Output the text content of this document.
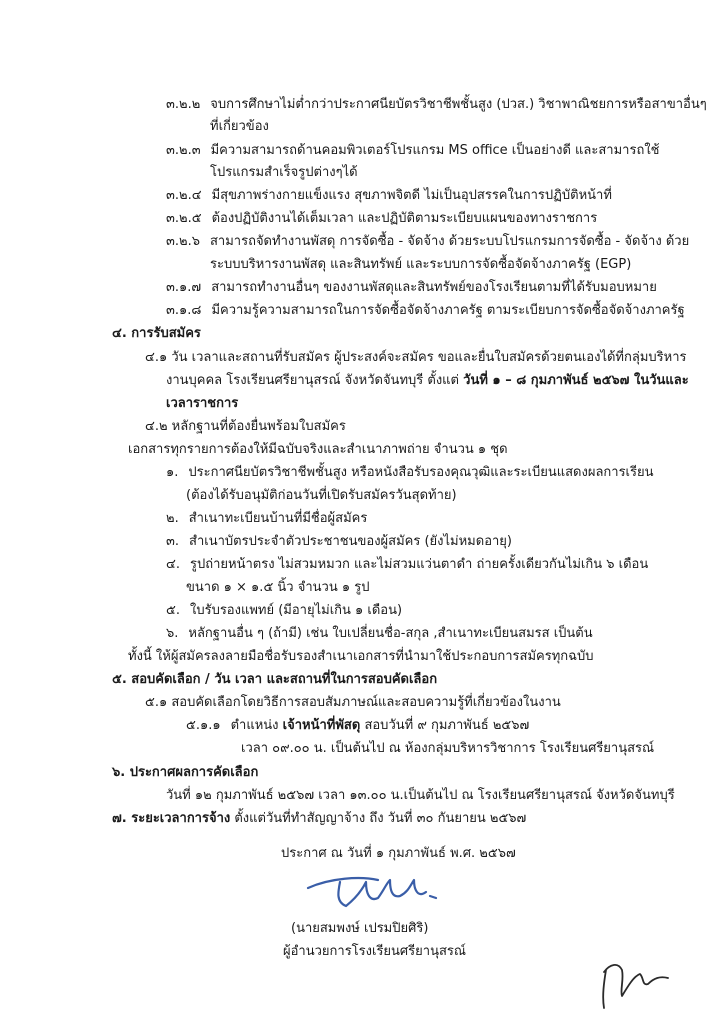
๓.๒.๒ จบการศึกษาไม่ต่ำกว่าประกาศนียบัตรวิชาชีพชั้นสูง (ปวส.) วิชาพาณิชยการหรือสาขาอื่นๆ
ที่เกี่ยวข้อง
๓.๒.๓ มีความสามารถด้านคอมพิวเตอร์โปรแกรม MS office เป็นอย่างดี และสามารถใช้
โปรแกรมสำเร็จรูปต่างๆได้
๓.๒.๔ มีสุขภาพร่างกายแข็งแรง สุขภาพจิตดี ไม่เป็นอุปสรรคในการปฏิบัติหน้าที่
๓.๒.๕ ต้องปฏิบัติงานได้เต็มเวลา และปฏิบัติตามระเบียบแผนของทางราชการ
๓.๒.๖ สามารถจัดทำงานพัสดุ การจัดซื้อ - จัดจ้าง ด้วยระบบโปรแกรมการจัดซื้อ - จัดจ้าง ด้วย
ระบบบริหารงานพัสดุ และสินทรัพย์ และระบบการจัดซื้อจัดจ้างภาครัฐ (EGP)
๓.๑.๗ สามารถทำงานอื่นๆ ของงานพัสดุและสินทรัพย์ของโรงเรียนตามที่ได้รับมอบหมาย
๓.๑.๘ มีความรู้ความสามารถในการจัดซื้อจัดจ้างภาครัฐ ตามระเบียบการจัดซื้อจัดจ้างภาครัฐ
๔. การรับสมัคร
๔.๑ วัน เวลาและสถานที่รับสมัคร ผู้ประสงค์จะสมัคร ขอและยื่นใบสมัครด้วยตนเองได้ที่กลุ่มบริหาร
งานบุคคล โรงเรียนศรียานุสรณ์ จังหวัดจันทบุรี ตั้งแต่ วันที่ ๑ – ๘ กุมภาพันธ์ ๒๕๖๗ ในวันและ
เวลาราชการ
๔.๒ หลักฐานที่ต้องยื่นพร้อมใบสมัคร
เอกสารทุกรายการต้องให้มีฉบับจริงและสำเนาภาพถ่าย จำนวน ๑ ชุด
๑. ประกาศนียบัตรวิชาชีพชั้นสูง หรือหนังสือรับรองคุณวุฒิและระเบียนแสดงผลการเรียน
(ต้องได้รับอนุมัติก่อนวันที่เปิดรับสมัครวันสุดท้าย)
๒. สำเนาทะเบียนบ้านที่มีชื่อผู้สมัคร
๓. สำเนาบัตรประจำตัวประชาชนของผู้สมัคร (ยังไม่หมดอายุ)
๔. รูปถ่ายหน้าตรง ไม่สวมหมวก และไม่สวมแว่นตาดำ ถ่ายครั้งเดียวกันไม่เกิน ๖ เดือน
ขนาด ๑ × ๑.๕ นิ้ว จำนวน ๑ รูป
๕. ใบรับรองแพทย์ (มีอายุไม่เกิน ๑ เดือน)
๖. หลักฐานอื่น ๆ (ถ้ามี) เช่น ใบเปลี่ยนชื่อ-สกุล ,สำเนาทะเบียนสมรส เป็นต้น
ทั้งนี้ ให้ผู้สมัครลงลายมือชื่อรับรองสำเนาเอกสารที่นำมาใช้ประกอบการสมัครทุกฉบับ
๕. สอบคัดเลือก / วัน เวลา และสถานที่ในการสอบคัดเลือก
๕.๑ สอบคัดเลือกโดยวิธีการสอบสัมภาษณ์และสอบความรู้ที่เกี่ยวข้องในงาน
๕.๑.๑ ตำแหน่ง เจ้าหน้าที่พัสดุ สอบวันที่ ๙ กุมภาพันธ์ ๒๕๖๗
เวลา ๐๙.๐๐ น. เป็นต้นไป ณ ห้องกลุ่มบริหารวิชาการ โรงเรียนศรียานุสรณ์
๖. ประกาศผลการคัดเลือก
วันที่ ๑๒ กุมภาพันธ์ ๒๕๖๗ เวลา ๑๓.๐๐ น.เป็นต้นไป ณ โรงเรียนศรียานุสรณ์ จังหวัดจันทบุรี
๗. ระยะเวลาการจ้าง ตั้งแต่วันที่ทำสัญญาจ้าง ถึง วันที่ ๓๐ กันยายน ๒๕๖๗
ประกาศ ณ วันที่ ๑ กุมภาพันธ์ พ.ศ. ๒๕๖๗
(นายสมพงษ์ เปรมปิยศิริ)
ผู้อำนวยการโรงเรียนศรียานุสรณ์
